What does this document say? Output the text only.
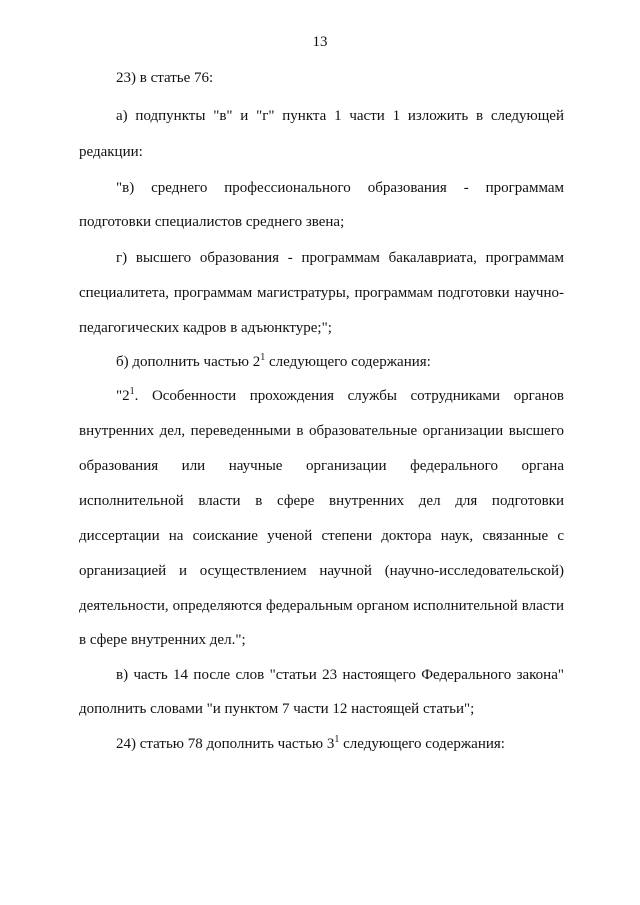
13
23) в статье 76:
а) подпункты "в" и "г" пункта 1 части 1 изложить в следующей
редакции:
"в) среднего профессионального образования - программам
подготовки специалистов среднего звена;
г) высшего образования - программам бакалавриата, программам
специалитета, программам магистратуры, программам подготовки научно-
педагогических кадров в адъюнктуре;";
б) дополнить частью $2^1$ следующего содержания:
"$2^1$. Особенности прохождения службы сотрудниками органов
внутренних дел, переведенными в образовательные организации высшего
образования или научные организации федерального органа
исполнительной власти в сфере внутренних дел для подготовки
диссертации на соискание ученой степени доктора наук, связанные с
организацией и осуществлением научной (научно-исследовательской)
деятельности, определяются федеральным органом исполнительной власти
в сфере внутренних дел.";
в) часть 14 после слов "статьи 23 настоящего Федерального закона"
дополнить словами "и пунктом 7 части 12 настоящей статьи";
24) статью 78 дополнить частью $3^1$ следующего содержания:
